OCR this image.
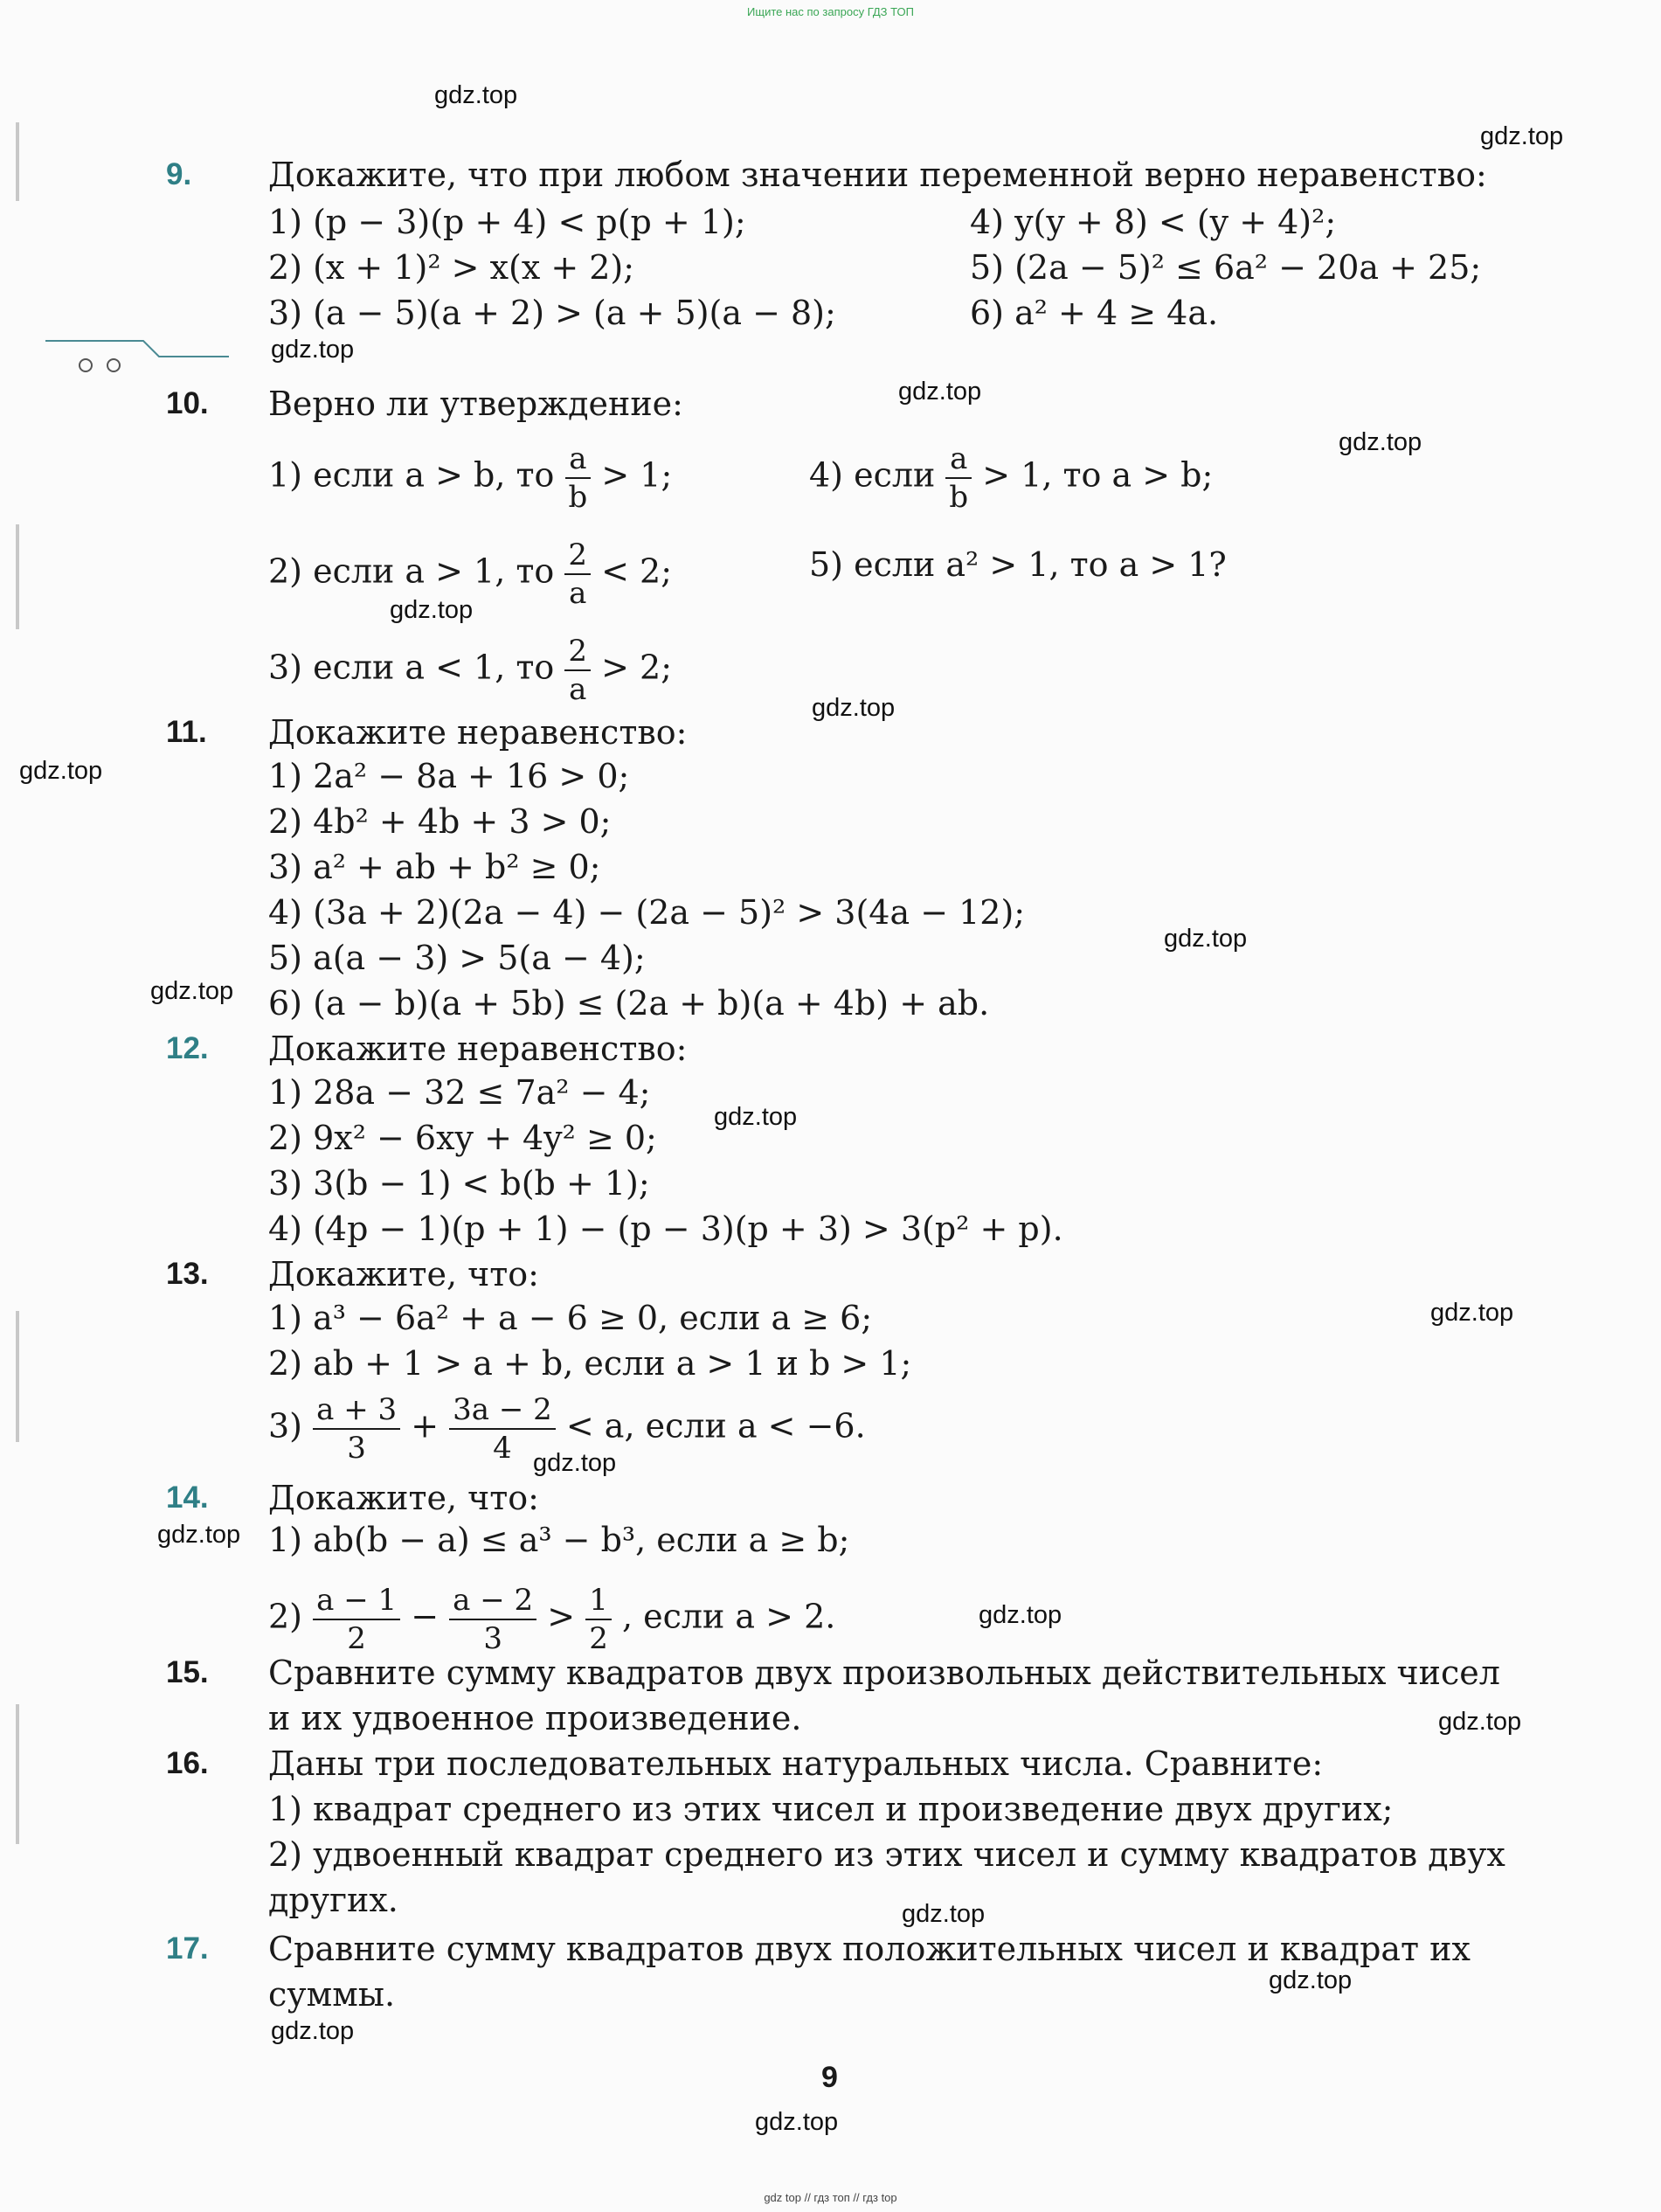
Ищите нас по запросу ГДЗ ТОП
9. Докажите, что при любом значении переменной верно неравенство:
1) (p − 3)(p + 4) < p(p + 1);
2) (x + 1)² > x(x + 2);
3) (a − 5)(a + 2) > (a + 5)(a − 8);
4) y(y + 8) < (y + 4)²;
5) (2a − 5)² ≤ 6a² − 20a + 25;
6) a² + 4 ≥ 4a.
10. Верно ли утверждение:
1) если a > b, то $\frac{a}{b} > 1$;	4) если $\frac{a}{b} > 1$, то a > b;
2) если a > 1, то $\frac{2}{a} < 2$;	5) если a² > 1, то a > 1?
3) если a < 1, то $\frac{2}{a} > 2$;
11. Докажите неравенство:
1) 2a² − 8a + 16 > 0;
2) 4b² + 4b + 3 > 0;
3) a² + ab + b² ≥ 0;
4) (3a + 2)(2a − 4) − (2a − 5)² > 3(4a − 12);
5) a(a − 3) > 5(a − 4);
6) (a − b)(a + 5b) ≤ (2a + b)(a + 4b) + ab.
12. Докажите неравенство:
1) 28a − 32 ≤ 7a² − 4;
2) 9x² − 6xy + 4y² ≥ 0;
3) 3(b − 1) < b(b + 1);
4) (4p − 1)(p + 1) − (p − 3)(p + 3) > 3(p² + p).
13. Докажите, что:
1) a³ − 6a² + a − 6 ≥ 0, если a ≥ 6;
2) ab + 1 > a + b, если a > 1 и b > 1;
$3) \frac{a + 3}{3} + \frac{3a - 2}{4} < a$, если a < −6.
14. Докажите, что:
1) ab(b − a) ≤ a³ − b³, если a ≥ b;
$2) \frac{a - 1}{2} - \frac{a - 2}{3} > \frac{1}{2}$ , если a > 2.
15. Сравните сумму квадратов двух произвольных действительных чисел
и их удвоенное произведение.
16. Даны три последовательных натуральных числа. Сравните:
1) квадрат среднего из этих чисел и произведение двух других;
2) удвоенный квадрат среднего из этих чисел и сумму квадратов двух
других.
17. Сравните сумму квадратов двух положительных чисел и квадрат их
суммы.
9
gdz.top
gdz.top
gdz.top
gdz.top
gdz.top
gdz.top
gdz.top
gdz.top
gdz.top
gdz.top
gdz.top
gdz.top
gdz.top
gdz.top
gdz.top
gdz.top
gdz.top
gdz.top
gdz.top
gdz.top
gdz top // гдз топ // гдз top
